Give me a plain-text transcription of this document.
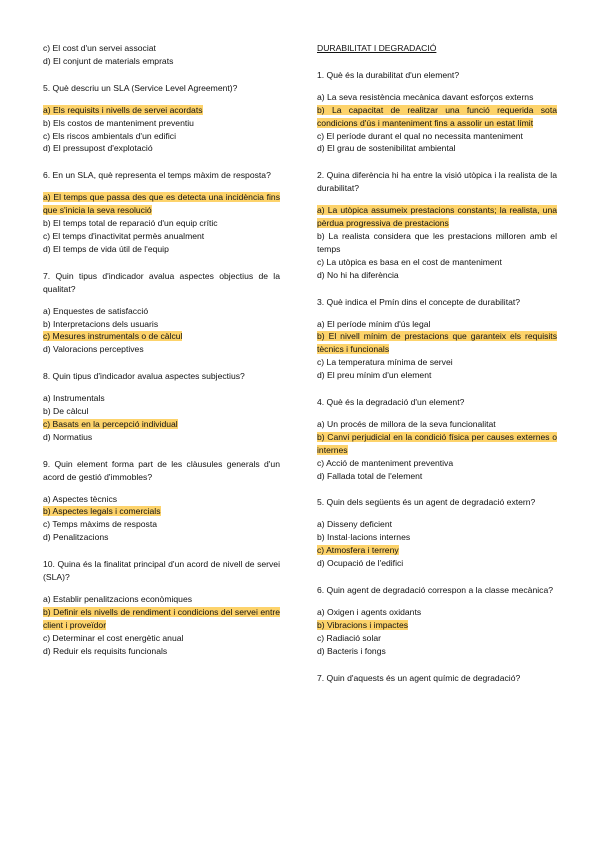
c) El cost d'un servei associat
d) El conjunt de materials emprats
5. Què descriu un SLA (Service Level Agreement)?
a) Els requisits i nivells de servei acordats
b) Els costos de manteniment preventiu
c) Els riscos ambientals d'un edifici
d) El pressupost d'explotació
6. En un SLA, què representa el temps màxim de resposta?
a) El temps que passa des que es detecta una incidència fins que s'inicia la seva resolució
b) El temps total de reparació d'un equip crític
c) El temps d'inactivitat permès anualment
d) El temps de vida útil de l'equip
7. Quin tipus d'indicador avalua aspectes objectius de la qualitat?
a) Enquestes de satisfacció
b) Interpretacions dels usuaris
c) Mesures instrumentals o de càlcul
d) Valoracions perceptives
8. Quin tipus d'indicador avalua aspectes subjectius?
a) Instrumentals
b) De càlcul
c) Basats en la percepció individual
d) Normatius
9. Quin element forma part de les clàusules generals d'un acord de gestió d'immobles?
a) Aspectes tècnics
b) Aspectes legals i comercials
c) Temps màxims de resposta
d) Penalitzacions
10. Quina és la finalitat principal d'un acord de nivell de servei (SLA)?
a) Establir penalitzacions econòmiques
b) Definir els nivells de rendiment i condicions del servei entre client i proveïdor
c) Determinar el cost energètic anual
d) Reduir els requisits funcionals
DURABILITAT I DEGRADACIÓ
1. Què és la durabilitat d'un element?
a) La seva resistència mecànica davant esforços externs
b) La capacitat de realitzar una funció requerida sota condicions d'ús i manteniment fins a assolir un estat límit
c) El període durant el qual no necessita manteniment
d) El grau de sostenibilitat ambiental
2. Quina diferència hi ha entre la visió utòpica i la realista de la durabilitat?
a) La utòpica assumeix prestacions constants; la realista, una pèrdua progressiva de prestacions
b) La realista considera que les prestacions milloren amb el temps
c) La utòpica es basa en el cost de manteniment
d) No hi ha diferència
3. Què indica el Pmín dins el concepte de durabilitat?
a) El període mínim d'ús legal
b) El nivell mínim de prestacions que garanteix els requisits tècnics i funcionals
c) La temperatura mínima de servei
d) El preu mínim d'un element
4. Què és la degradació d'un element?
a) Un procés de millora de la seva funcionalitat
b) Canvi perjudicial en la condició física per causes externes o internes
c) Acció de manteniment preventiva
d) Fallada total de l'element
5. Quin dels següents és un agent de degradació extern?
a) Disseny deficient
b) Instal·lacions internes
c) Atmosfera i terreny
d) Ocupació de l'edifici
6. Quin agent de degradació correspon a la classe mecànica?
a) Oxigen i agents oxidants
b) Vibracions i impactes
c) Radiació solar
d) Bacteris i fongs
7. Quin d'aquests és un agent químic de degradació?
